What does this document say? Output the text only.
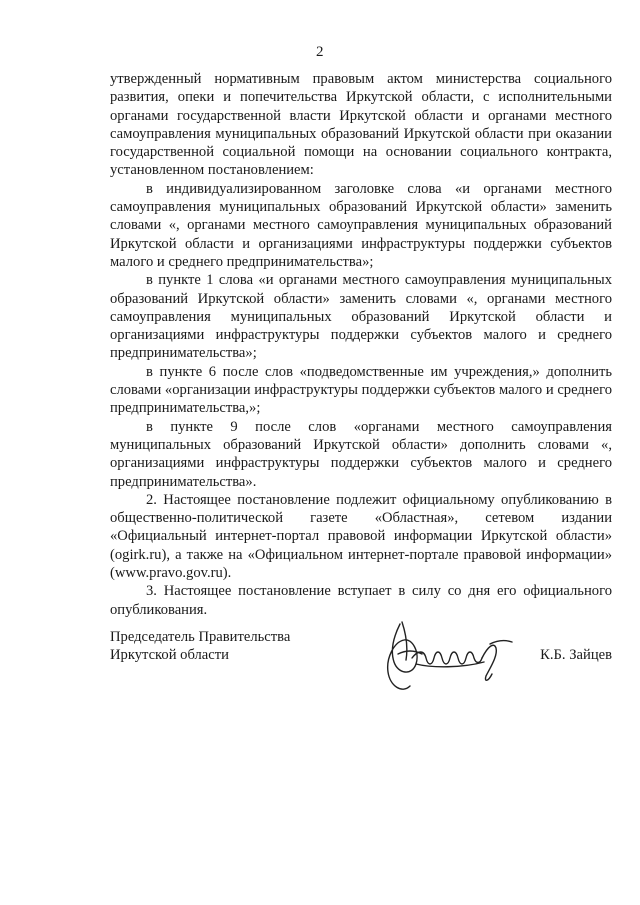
2

утвержденный нормативным правовым актом министерства социального развития, опеки и попечительства Иркутской области, с исполнительными органами государственной власти Иркутской области и органами местного самоуправления муниципальных образований Иркутской области при оказании государственной социальной помощи на основании социального контракта, установленном постановлением:

в индивидуализированном заголовке слова «и органами местного самоуправления муниципальных образований Иркутской области» заменить словами «, органами местного самоуправления муниципальных образований Иркутской области и организациями инфраструктуры поддержки субъектов малого и среднего предпринимательства»;

в пункте 1 слова «и органами местного самоуправления муниципальных образований Иркутской области» заменить словами «, органами местного самоуправления муниципальных образований Иркутской области и организациями инфраструктуры поддержки субъектов малого и среднего предпринимательства»;

в пункте 6 после слов «подведомственные им учреждения,» дополнить словами «организации инфраструктуры поддержки субъектов малого и среднего предпринимательства,»;

в пункте 9 после слов «органами местного самоуправления муниципальных образований Иркутской области» дополнить словами «, организациями инфраструктуры поддержки субъектов малого и среднего предпринимательства».

2. Настоящее постановление подлежит официальному опубликованию в общественно-политической газете «Областная», сетевом издании «Официальный интернет-портал правовой информации Иркутской области» (ogirk.ru), а также на «Официальном интернет-портале правовой информации» (www.pravo.gov.ru).

3. Настоящее постановление вступает в силу со дня его официального опубликования.

Председатель Правительства
Иркутской области	К.Б. Зайцев
